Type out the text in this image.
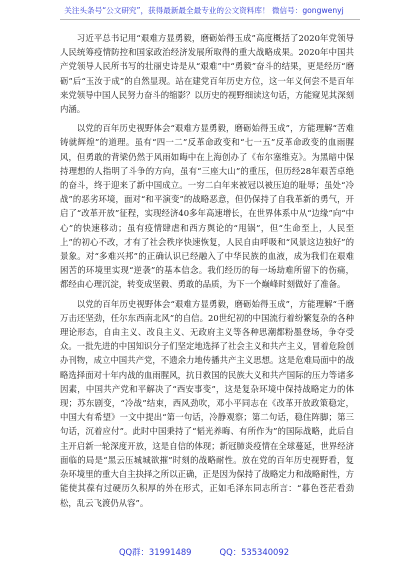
关注头条号“公文研究”，获得最新最全最专业的公文资料库！ 微信号：gongwenyj

习近平总书记用“艰难方显勇毅，磨砺始得玉成”高度概括了2020年党领导人民统筹疫情防控和国家政治经济发展所取得的重大战略成果。2020年中国共产党领导人民所书写的壮丽史诗是从“艰难”中“勇毅”奋斗的结果，更是经历“磨砺”后“玉汝于成”的自然显现。站在建党百年历史方位，这一年义何尝不是百年来党领导中国人民努力奋斗的缩影？以历史的视野细读这句话，方能窥见其深刻内涵。

以党的百年历史视野体会“艰难方显勇毅，磨砺始得玉成”，方能理解“苦难铸就辉煌”的道理。虽有“四一二”反革命政变和“七一五”反革命政变的血雨腥风，但勇敢的背梁仍然于风雨如晦中在上海创办了《布尔塞维克》。为黑暗中保持理想的人指明了斗争的方向，虽有“三座大山”的重压，但历经28年艰苦卓绝的奋斗，终于迎来了新中国成立。一穷二白年来被冠以被压迫的耻辱；虽处“冷战”的恶劣环境，面对“和平演变”的战略恶意，但仍保持了自我革新的勇气，开启了“改革开放”征程，实现经济40多年高速增长，在世界体系中从“边缘”向“中心”的快速移动；虽有疫情肆虐和西方舆论的“甩锅”，但“生命至上，人民至上”的初心不改，才有了社会秩序快速恢复，人民自由呼吸和“风景这边独好”的景象。对“多难兴邦”的正确认识已经融入了中华民族的血液，成为我们在艰难困苦的环境里实现“逆袭”的基本信念。我们经历的每一场劫难所留下的伤痛，都经由心理沉淀，转变成坚毅、勇敢的品质，为下一个巅峰时刻做好了准备。

以党的百年历史视野体会“艰难方显勇毅，磨砺始得玉成”，方能理解“千磨万击还坚劲，任尔东西南北风”的自信。20世纪初的中国流行着纷繁复杂的各种理论形态，自由主义、改良主义、无政府主义等各种思潮都粉墨登场，争夺受众。一批先进的中国知识分子们坚定地选择了社会主义和共产主义，冒着危险创办刊物，成立中国共产党，不遗余力地传播共产主义思想。这是危难局面中的战略选择面对十年内战的血雨腥风，抗日救国的民族大义和共产国际的压力等诸多因素，中国共产党和平解决了“西安事变”，这是复杂环境中保持战略定力的体现；苏东剧变，“冷战”结束，西风劲吹，邓小平同志在《改革开放政策稳定，中国大有希望》一文中提出“第一句话，冷静观察；第二句话，稳住阵脚；第三句话，沉着应付”。此时中国秉持了“韬光养晦、有所作为”的国际战略，此后自主开启新一轮深度开放，这是自信的体现；新冠肺炎疫情在全球蔓延，世界经济面临的局是“黑云压城城欲摧”时刻的战略耐性。放在党的百年历史视野看，复杂环境里的重大自主抉择之所以正确，正是因为保持了战略定力和战略耐性，方能使其葆有过硬历久积厚的外在形式，正如毛泽东同志所言：“暮色苍茫看劲松，乱云飞渡仍从容”。

QQ群：31991489	QQ：535340092
